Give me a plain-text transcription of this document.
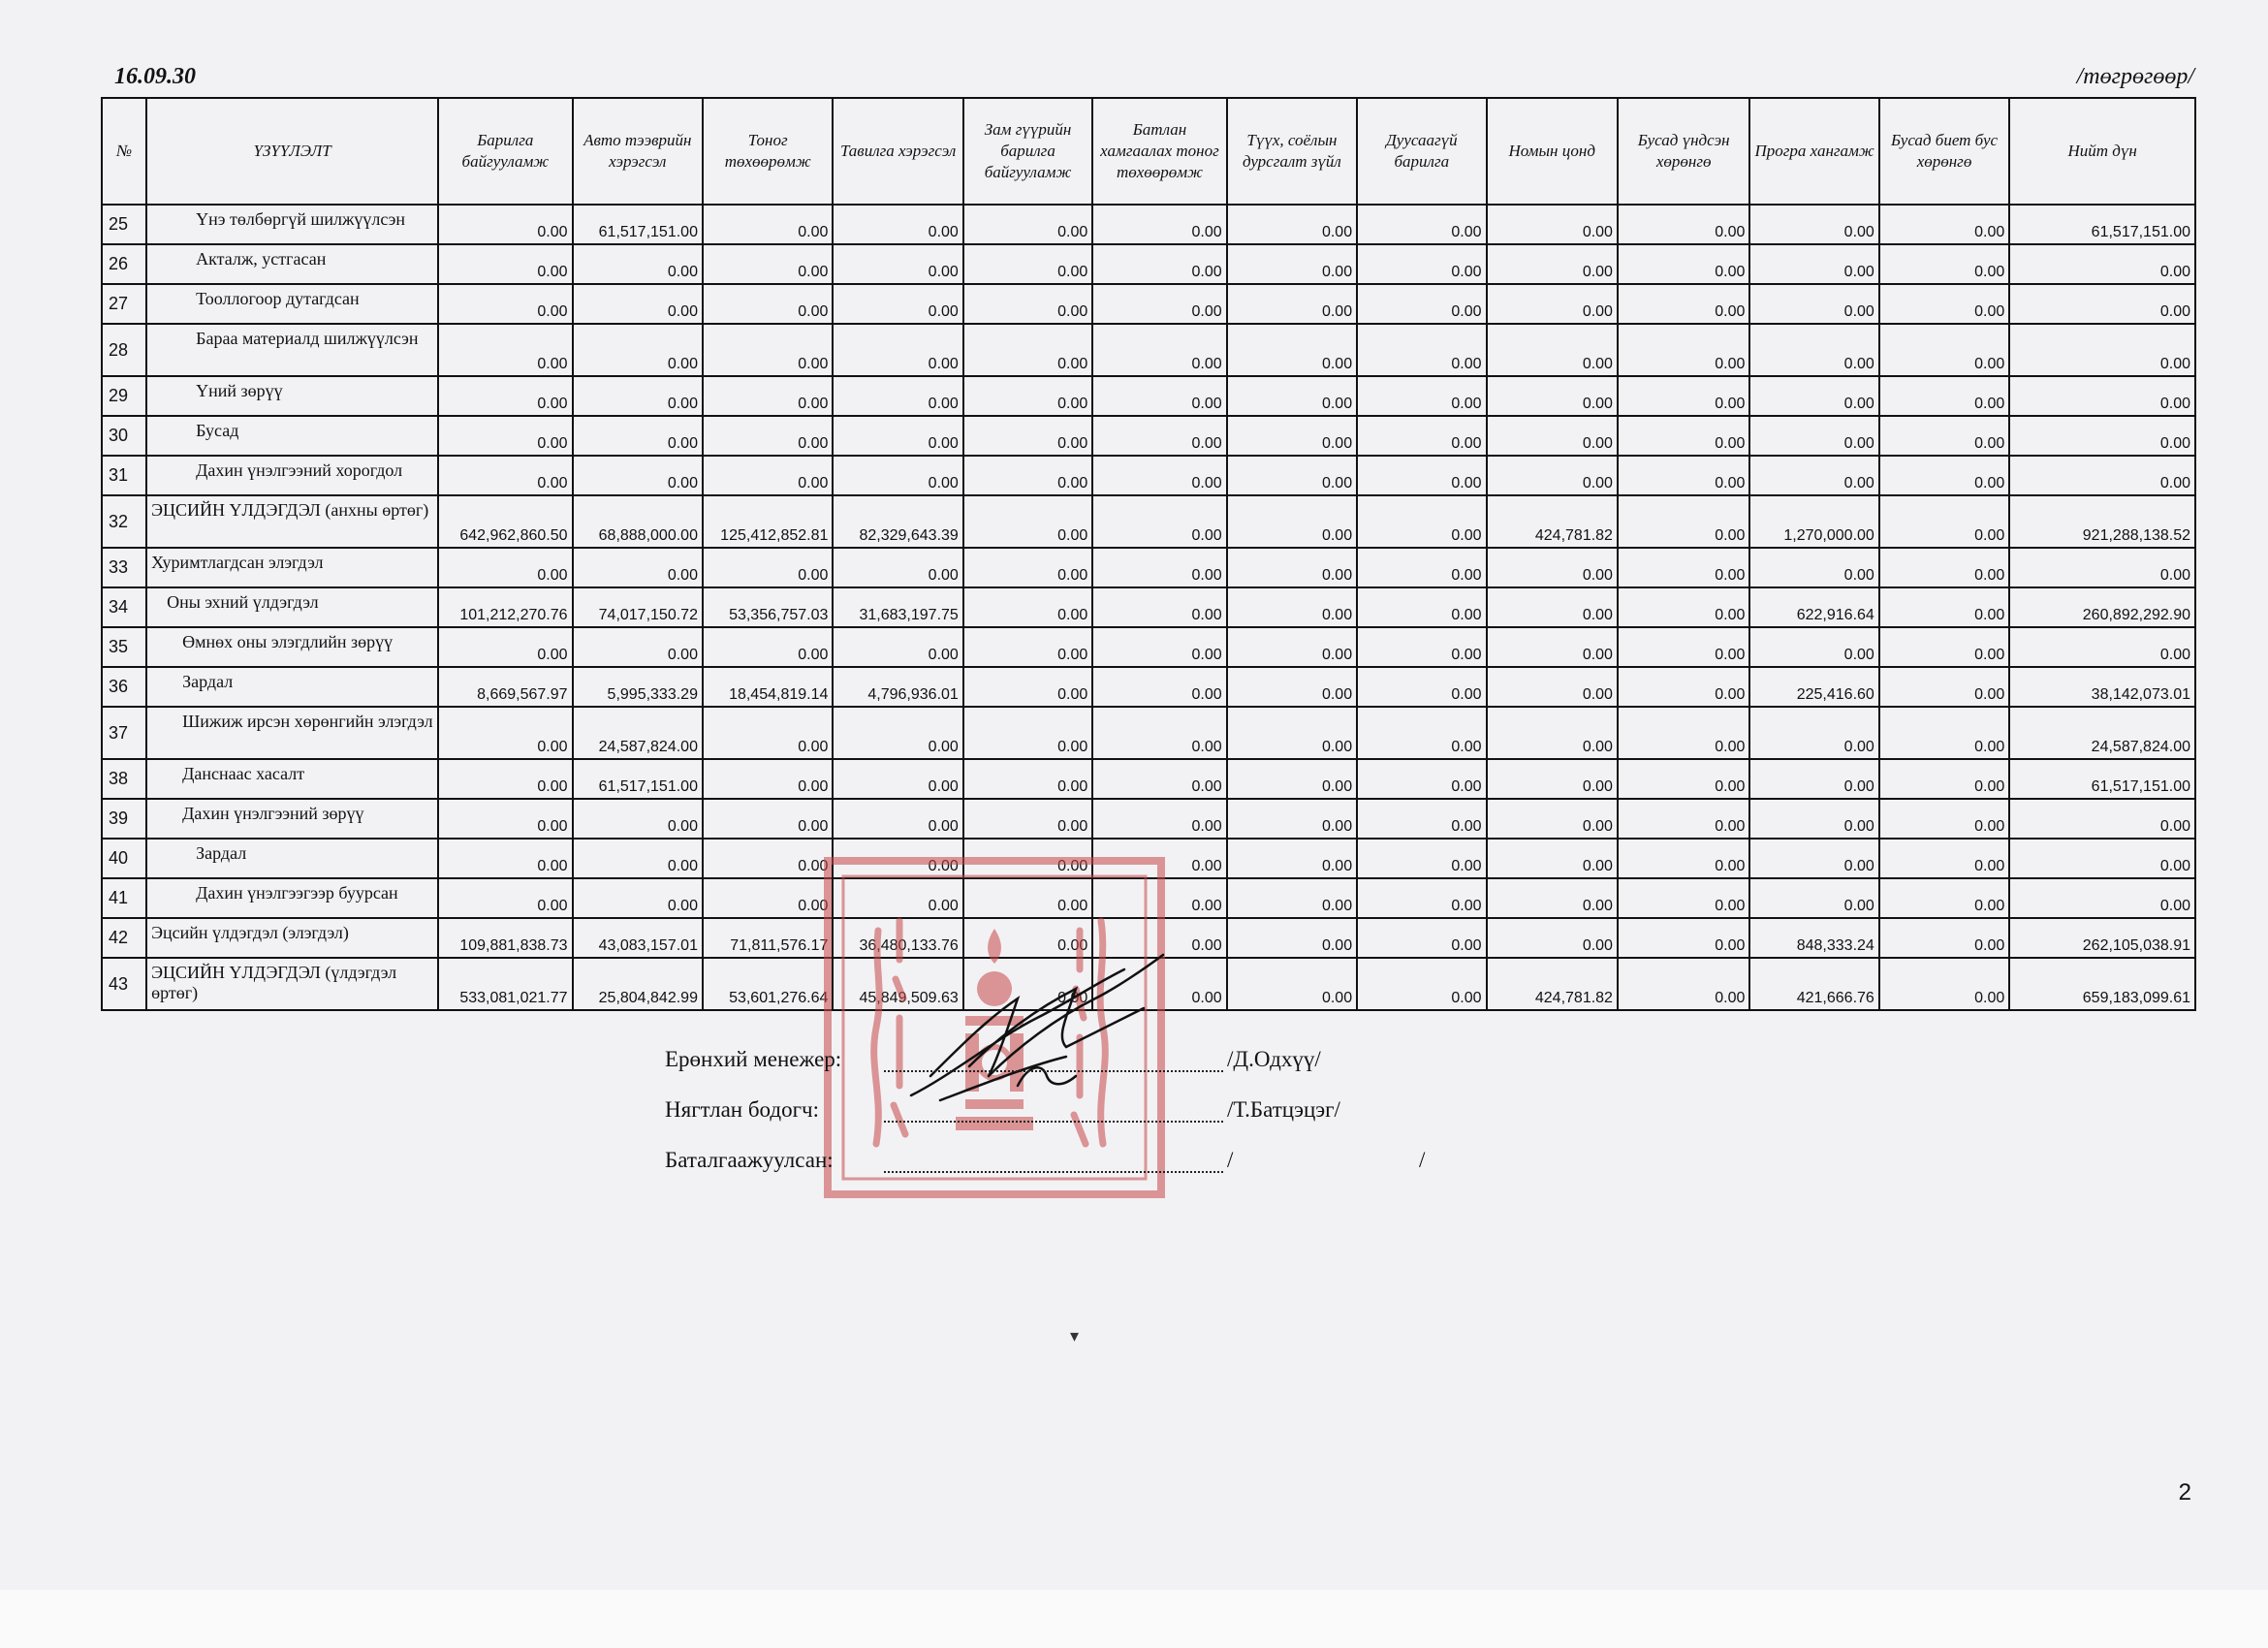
16.09.30	/төгрөгөөр/
№	ҮЗҮҮЛЭЛТ	Барилга байгууламж	Авто тээврийн хэрэгсэл	Тоног төхөөрөмж	Тавилга хэрэгсэл	Зам гүүрийн барилга байгууламж	Батлан хамгаалах тоног төхөөрөмж	Түүх, соёлын дурсгалт зүйл	Дуусаагүй барилга	Номын цонд	Бусад үндсэн хөрөнгө	Програ хангамж	Бусад биет бус хөрөнгө	Нийт дүн
25	Үнэ төлбөргүй шилжүүлсэн	0.00	61,517,151.00	0.00	0.00	0.00	0.00	0.00	0.00	0.00	0.00	0.00	0.00	61,517,151.00
26	Акталж, устгасан	0.00	0.00	0.00	0.00	0.00	0.00	0.00	0.00	0.00	0.00	0.00	0.00	0.00
27	Тооллогоор дутагдсан	0.00	0.00	0.00	0.00	0.00	0.00	0.00	0.00	0.00	0.00	0.00	0.00	0.00
28	Бараа материалд шилжүүлсэн	0.00	0.00	0.00	0.00	0.00	0.00	0.00	0.00	0.00	0.00	0.00	0.00	0.00
29	Үний зөрүү	0.00	0.00	0.00	0.00	0.00	0.00	0.00	0.00	0.00	0.00	0.00	0.00	0.00
30	Бусад	0.00	0.00	0.00	0.00	0.00	0.00	0.00	0.00	0.00	0.00	0.00	0.00	0.00
31	Дахин үнэлгээний хорогдол	0.00	0.00	0.00	0.00	0.00	0.00	0.00	0.00	0.00	0.00	0.00	0.00	0.00
32	ЭЦСИЙН ҮЛДЭГДЭЛ (анхны өртөг)	642,962,860.50	68,888,000.00	125,412,852.81	82,329,643.39	0.00	0.00	0.00	0.00	424,781.82	0.00	1,270,000.00	0.00	921,288,138.52
33	Хуримтлагдсан элэгдэл	0.00	0.00	0.00	0.00	0.00	0.00	0.00	0.00	0.00	0.00	0.00	0.00	0.00
34	Оны эхний үлдэгдэл	101,212,270.76	74,017,150.72	53,356,757.03	31,683,197.75	0.00	0.00	0.00	0.00	0.00	0.00	622,916.64	0.00	260,892,292.90
35	Өмнөх оны элэгдлийн зөрүү	0.00	0.00	0.00	0.00	0.00	0.00	0.00	0.00	0.00	0.00	0.00	0.00	0.00
36	Зардал	8,669,567.97	5,995,333.29	18,454,819.14	4,796,936.01	0.00	0.00	0.00	0.00	0.00	0.00	225,416.60	0.00	38,142,073.01
37	Шижиж ирсэн хөрөнгийн элэгдэл	0.00	24,587,824.00	0.00	0.00	0.00	0.00	0.00	0.00	0.00	0.00	0.00	0.00	24,587,824.00
38	Данснаас хасалт	0.00	61,517,151.00	0.00	0.00	0.00	0.00	0.00	0.00	0.00	0.00	0.00	0.00	61,517,151.00
39	Дахин үнэлгээний зөрүү	0.00	0.00	0.00	0.00	0.00	0.00	0.00	0.00	0.00	0.00	0.00	0.00	0.00
40	Зардал	0.00	0.00	0.00	0.00	0.00	0.00	0.00	0.00	0.00	0.00	0.00	0.00	0.00
41	Дахин үнэлгээгээр буурсан	0.00	0.00	0.00	0.00	0.00	0.00	0.00	0.00	0.00	0.00	0.00	0.00	0.00
42	Эцсийн үлдэгдэл (элэгдэл)	109,881,838.73	43,083,157.01	71,811,576.17	36,480,133.76	0.00	0.00	0.00	0.00	0.00	0.00	848,333.24	0.00	262,105,038.91
43	ЭЦСИЙН ҮЛДЭГДЭЛ (үлдэгдэл өртөг)	533,081,021.77	25,804,842.99	53,601,276.64	45,849,509.63	0.00	0.00	0.00	0.00	424,781.82	0.00	421,666.76	0.00	659,183,099.61
Ерөнхий менежер:	/Д.Одхүү/
Нягтлан бодогч:	/Т.Батцэцэг/
Баталгаажуулсан:	/	/
2
▾
